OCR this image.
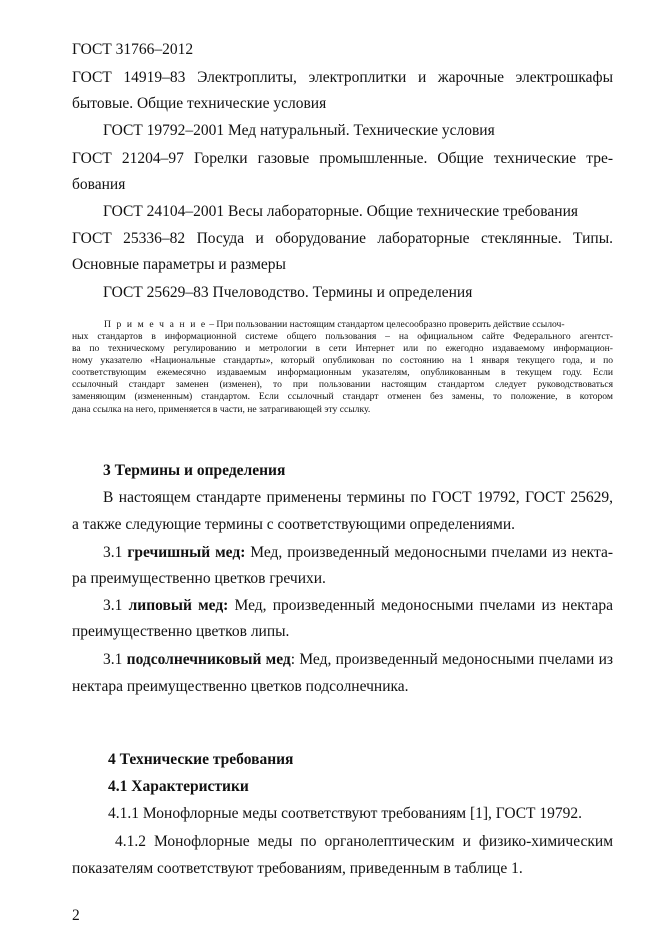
ГОСТ 31766–2012
ГОСТ 14919–83 Электроплиты, электроплитки и жарочные электрошкафы
бытовые. Общие технические условия
ГОСТ 19792–2001 Мед натуральный. Технические условия
ГОСТ 21204–97 Горелки газовые промышленные. Общие технические тре-
бования
ГОСТ 24104–2001 Весы лабораторные. Общие технические требования
ГОСТ 25336–82 Посуда и оборудование лабораторные стеклянные. Типы.
Основные параметры и размеры
ГОСТ 25629–83 Пчеловодство. Термины и определения
П р и м е ч а н и е – При пользовании настоящим стандартом целесообразно проверить действие ссылоч-
ных стандартов в информационной системе общего пользования – на официальном сайте Федерального агентст-
ва по техническому регулированию и метрологии в сети Интернет или по ежегодно издаваемому информацион-
ному указателю «Национальные стандарты», который опубликован по состоянию на 1 января текущего года, и по
соответствующим ежемесячно издаваемым информационным указателям, опубликованным в текущем году. Если
ссылочный стандарт заменен (изменен), то при пользовании настоящим стандартом следует руководствоваться
заменяющим (измененным) стандартом. Если ссылочный стандарт отменен без замены, то положение, в котором
дана ссылка на него, применяется в части, не затрагивающей эту ссылку.
3 Термины и определения
В настоящем стандарте применены термины по ГОСТ 19792, ГОСТ 25629,
а также следующие термины с соответствующими определениями.
3.1 гречишный мед: Мед, произведенный медоносными пчелами из некта-
ра преимущественно цветков гречихи.
3.1 липовый мед: Мед, произведенный медоносными пчелами из нектара
преимущественно цветков липы.
3.1 подсолнечниковый мед: Мед, произведенный медоносными пчелами из
нектара преимущественно цветков подсолнечника.
4 Технические требования
4.1 Характеристики
4.1.1 Монофлорные меды соответствуют требованиям [1], ГОСТ 19792.
4.1.2 Монофлорные меды по органолептическим и физико-химическим
показателям соответствуют требованиям, приведенным в таблице 1.
2
